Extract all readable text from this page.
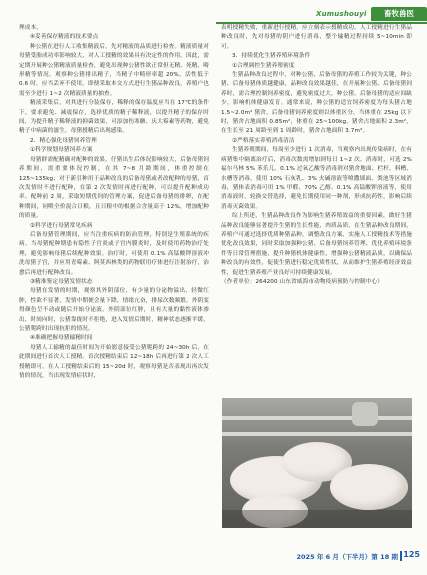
Xumushouyi	畜牧兽医

理成本。

④妥善保存精液的技术要点

种公猪在进行人工收集精液后，先对精液的品质进行检查。精液质量对母猪受胎成功率影响较大，对人工授精的效果具有决定性的作用。因此，需定期开展种公猪精液质量检查，避免出现种公猪性欲正常但无精、死精、畸形精等情况。观察种公猪排出精子，当精子中畸形率超 20%，活性低于 0.6 时，应当丢弃不使用，即便采取本交方式进行生猪品种改良，养殖户也需至少进行 1~2 次精液质量的抽查。

精液采集后，对其进行分装保存，稀释的保存温度应当在 17℃的条件下，要求避免、减震保存，选择优质的精子稀释液，以提升精子的保存时间，为提升精子稀释液的抑菌效果，可添加伤寒糖、庆大霉素等药物，避免精子中病菌的滋生，母猪授精后出现感染。

2．精心强化母猪饲养管理

①科学规划母猪饲养方案

母猪群需配精确对配种的效果，仔猪出生后体况影响较大，后备母猪饲养期间，需重要体况控制，在其 7~8 月龄期间，体重控制在 125~135kg；对于新引种用于品种改良的后备母猪或者改配种的母猪，首次发情时不进行配种，在第 2 次发情时再进行配种，可以提升配种成功率。配种前 2 周，采取短期优饲的管理方案，促进后备母猪的排卵，在配种期间，同喂全价混合日粮，且日粮中的根据合含量高于 12%，增加配种的质量。

②科学进行母猪常见疾病

后备母猪管理期间，应当注重疾病的防治管理，特别是生殖系统的疾病。当母猪配种期患有隐性子宫炎或子宫内膜炎时，及时使用药物治疗处理，避免影响母猪后续配种效果。治疗时，可使用 0.1% 高锰酸钾溶液冲洗母猪子宫，并应用青霉素、阿莫西林类的药物联用疗体进行注射治疗，治愈后再进行配种改良。

③精准鉴定母猪发情状态

母猪在发情的时期，观察其外阴部位，有少量的分泌物溢出，轻微红肿，性欲不显著，发情中期便会量下降，情绪亢奋，排尿次数频繁，外阴变得颜色呈不动或随后开始分泌液。外阴部位红肿，且有大量的黏性液体渗出，时间向时，公猪靠拢时不拒绝，进入发情后期时，精神状态逐渐平缓，公猪爬跨时出现抗拒的情况。

④准确把握母猪输精时间

母猪人工输精的最佳时间为开始愿意接受公猪爬跨的 24~30h 后，在此期间进行首次人工授精。首次授精结束后 12~18h 后再进行第 2 次人工授精即可。在人工授精结束后的 15~20d 时，观察母猪是否表现出再次发情的情况，当出现发情症状时，

表明授精失败，重新进行授精，应立刻表示授精成功。人工授精进行生猪品种改良时，先对母猪的阴户进行消毒，整个输精过程持续 5~10min 即可。

3．持续优化生猪养殖环境条件

①合理调控生猪养殖密度

生猪品种改良过程中，对种公猪、后备母猪的养殖工作较为关键，种公猪、后备母猪体质越健康，品种改良效果越佳，在开展种公猪、后备母猪饲养时，需合理控制饲养密度，避免密度过大。种公猪、后备母猪的适应间缺少，影响机体健康发育。通常来说，种公猪的适宜饲养密度为每头猪占地 1.5~2.0m² 猪舍，后备母猪饲养密度则以体重区分，当体重在 25kg 以下时，猪舍占地面积 0.85m²，体重在 25~100kg，猪舍占地面积 2.3m²，在生长至 21 周龄至到 1 周龄时，猪舍占地面积 3.7m²。

②严格落实养殖消毒清洁

生猪养殖期间，每周至少进行 1 次消毒，当观察内出现传染病时，在有病猪集中隔离治疗后，消毒次数需增加到每日 1~2 次。消毒时，可选 2% 福尔马林 5% 苯乐儿、0.1% 过氧乙酸等消毒剂对猪舍地面、栏杆、料槽、水槽等消毒，使用 10% 石灰乳、3% 火碱溶液等喷撒墙面、粪池等区域消毒，猪体表消毒可用 1% 甲醛、70% 乙醇、0.1% 高锰酸钾溶液等，使用消毒液时，轮换交替选择，避免长期使用同一种剂，形成抗药性，影响后续消毒灭菌效果。

综上所述，生猪品种改良作为影响生猪养殖效益的重要因素，做好生猪品种改良能够显著提升生猪的生长性能、肉质品质，在生猪品种改良期间，养殖户可通过选择优质种猪品种，调整改良方案，实施人工授精技术等措施优化改良效果，同时采取加强种公猪、后备母猪饲养管理、优化养殖环境条件等日常管理措施，提升种猪机体健康性，增强种公猪精液品质，以确保品种改良的有效性，促使生猪进行稳定优质性状，从而维护生猪养殖经济效益性，促进生猪养殖产业良好可持续健康发展。

（作者单位：264200 山东省威海市动物疫病预防与控制中心）

2025 年 6 月（下半月）第 18 期 125
